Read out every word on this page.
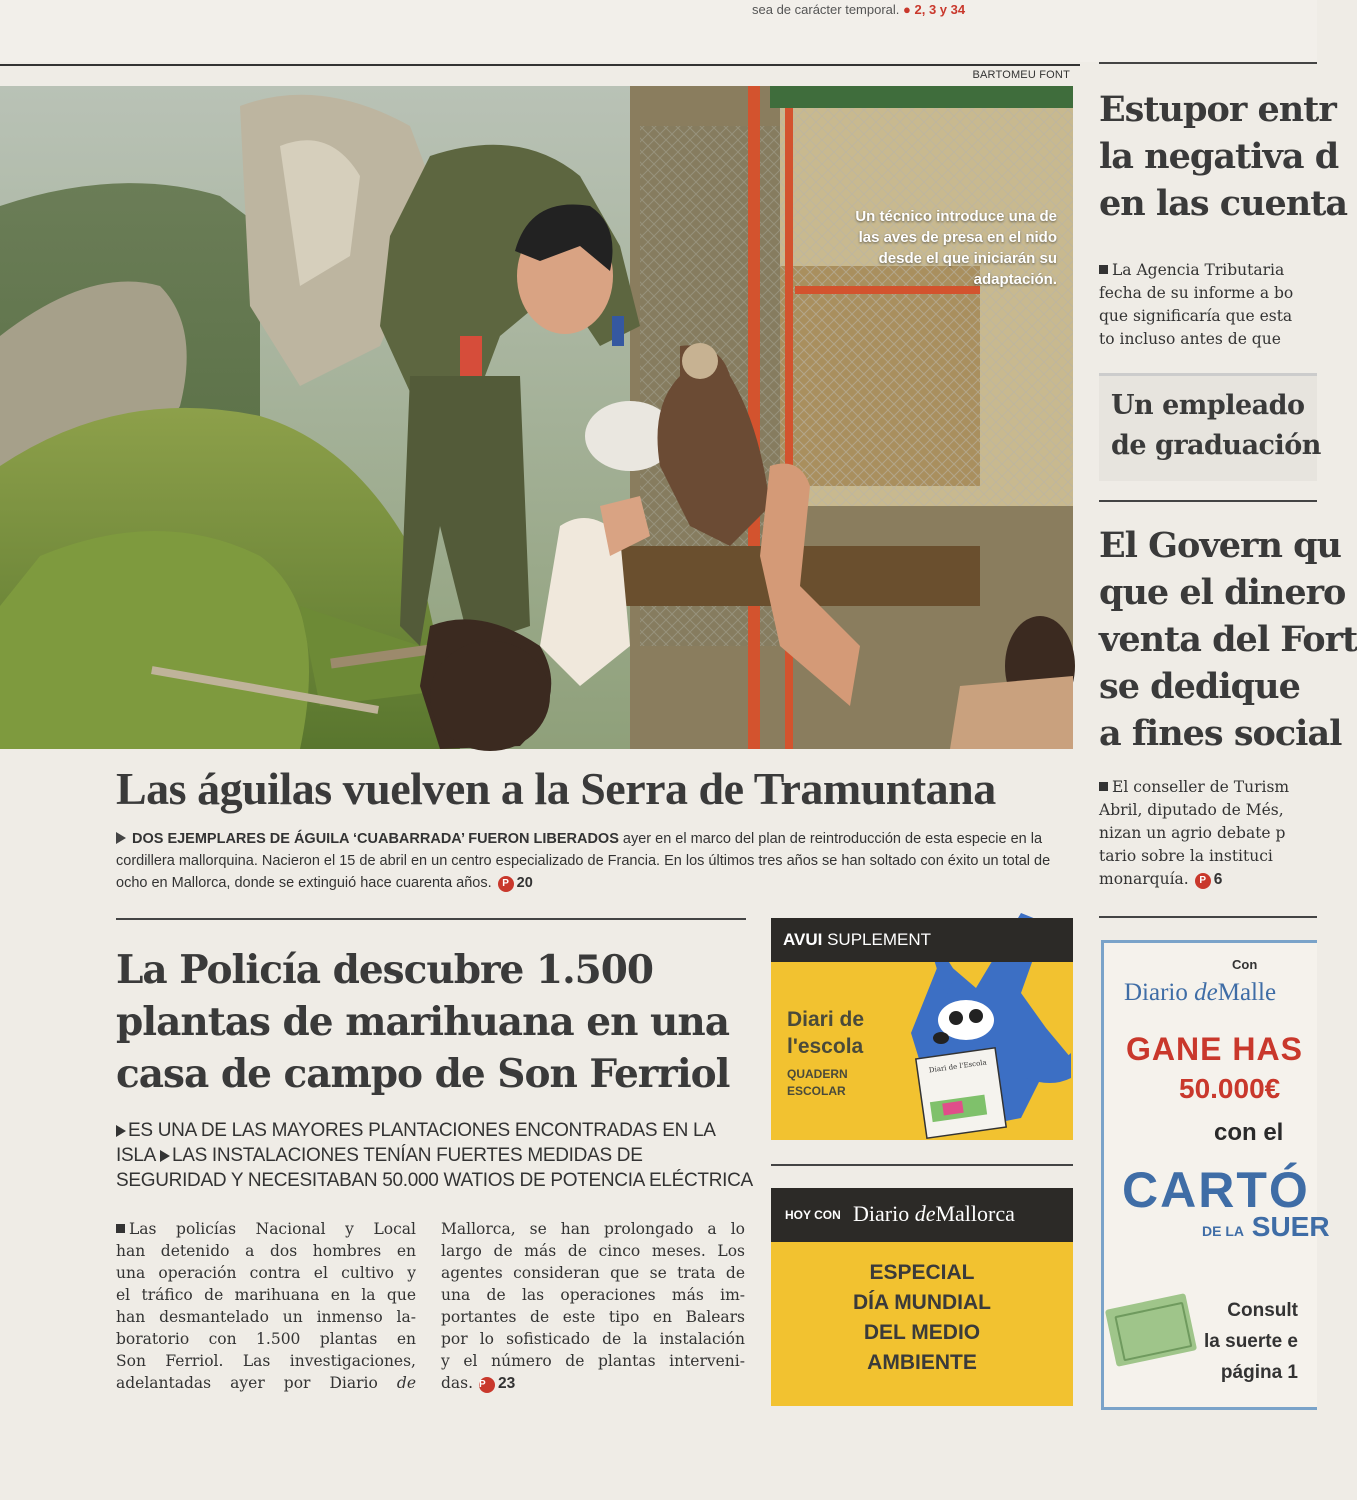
sea de carácter temporal. ● 2, 3 y 34
BARTOMEU FONT
Un técnico introduce una de las aves de presa en el nido desde el que iniciarán su adaptación.
Las águilas vuelven a la Serra de Tramuntana

DOS EJEMPLARES DE ÁGUILA ‘CUABARRADA’ FUERON LIBERADOS ayer en el marco del plan de reintroducción de esta especie en la cordillera mallorquina. Nacieron el 15 de abril en un centro especializado de Francia. En los últimos tres años se han soltado con éxito un total de ocho en Mallorca, donde se extinguió hace cuarenta años. P 20

La Policía descubre 1.500
plantas de marihuana en una
casa de campo de Son Ferriol
ES UNA DE LAS MAYORES PLANTACIONES ENCONTRADAS EN LA
ISLA LAS INSTALACIONES TENÍAN FUERTES MEDIDAS DE
SEGURIDAD Y NECESITABAN 50.000 WATIOS DE POTENCIA ELÉCTRICA
Las policías Nacional y Local
han detenido a dos hombres en
una operación contra el cultivo y
el tráfico de marihuana en la que
han desmantelado un inmenso la-
boratorio con 1.500 plantas en
Son Ferriol. Las investigaciones,
adelantadas ayer por Diario de
Mallorca, se han prolongado a lo
largo de más de cinco meses. Los
agentes consideran que se trata de
una de las operaciones más im-
portantes de este tipo en Balears
por lo sofisticado de la instalación
y el número de plantas interveni-
das. P 23
Diari de l'Escola
AVUI SUPLEMENT
Diari de
l'escola
QUADERN
ESCOLAR
HOY CON Diario deMallorca
ESPECIAL
DÍA MUNDIAL
DEL MEDIO
AMBIENTE
Estupor entr
la negativa d
en las cuenta
La Agencia Tributaria
fecha de su informe a bo
que significaría que esta
to incluso antes de que
Un empleado
de graduación
El Govern qu
que el dinero
venta del Fort
se dedique
a fines social
El conseller de Turism
Abril, diputado de Més,
nizan un agrio debate p
tario sobre la instituci
monarquía. P 6
Con
Diario deMalle
GANE HAS
50.000€
con el
CARTÓ
DE LA SUER
Consult
la suerte e
página 1
